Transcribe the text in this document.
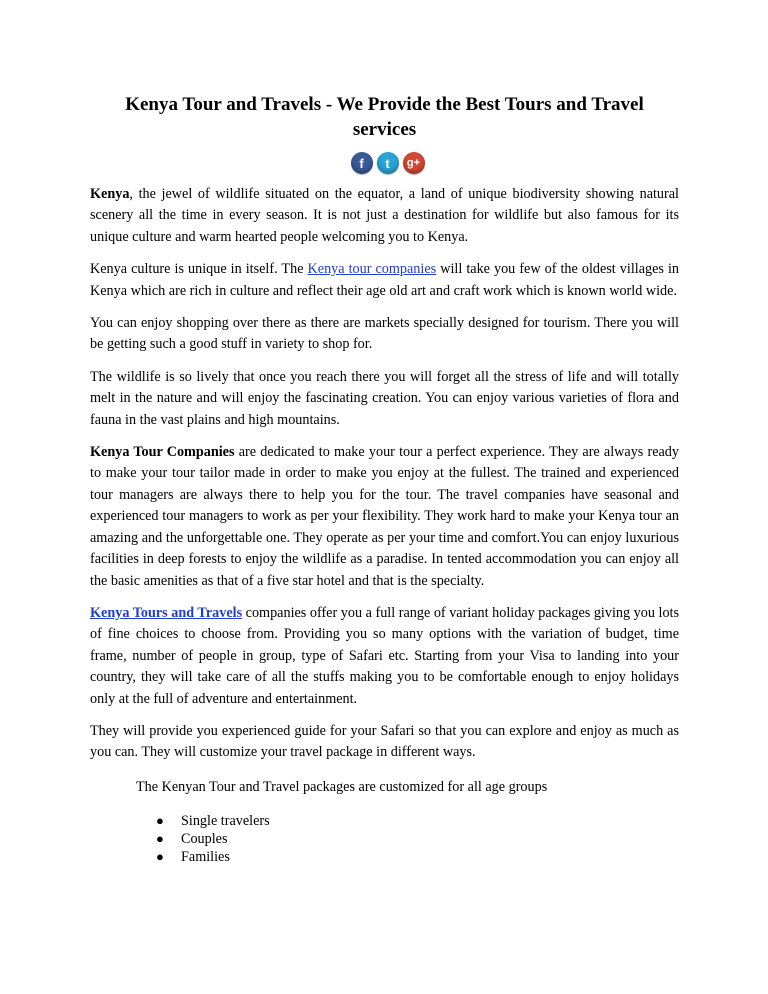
Kenya Tour and Travels - We Provide the Best Tours and Travel services
f t g+

Kenya, the jewel of wildlife situated on the equator, a land of unique biodiversity showing natural scenery all the time in every season. It is not just a destination for wildlife but also famous for its unique culture and warm hearted people welcoming you to Kenya.

Kenya culture is unique in itself. The Kenya tour companies will take you few of the oldest villages in Kenya which are rich in culture and reflect their age old art and craft work which is known world wide.

You can enjoy shopping over there as there are markets specially designed for tourism. There you will be getting such a good stuff in variety to shop for.

The wildlife is so lively that once you reach there you will forget all the stress of life and will totally melt in the nature and will enjoy the fascinating creation. You can enjoy various varieties of flora and fauna in the vast plains and high mountains.

Kenya Tour Companies are dedicated to make your tour a perfect experience. They are always ready to make your tour tailor made in order to make you enjoy at the fullest. The trained and experienced tour managers are always there to help you for the tour. The travel companies have seasonal and experienced tour managers to work as per your flexibility. They work hard to make your Kenya tour an amazing and the unforgettable one. They operate as per your time and comfort.You can enjoy luxurious facilities in deep forests to enjoy the wildlife as a paradise. In tented accommodation you can enjoy all the basic amenities as that of a five star hotel and that is the specialty.

Kenya Tours and Travels companies offer you a full range of variant holiday packages giving you lots of fine choices to choose from. Providing you so many options with the variation of budget, time frame, number of people in group, type of Safari etc. Starting from your Visa to landing into your country, they will take care of all the stuffs making you to be comfortable enough to enjoy holidays only at the full of adventure and entertainment.

They will provide you experienced guide for your Safari so that you can explore and enjoy as much as you can. They will customize your travel package in different ways.

The Kenyan Tour and Travel packages are customized for all age groups
● Single travelers
● Couples
● Families
